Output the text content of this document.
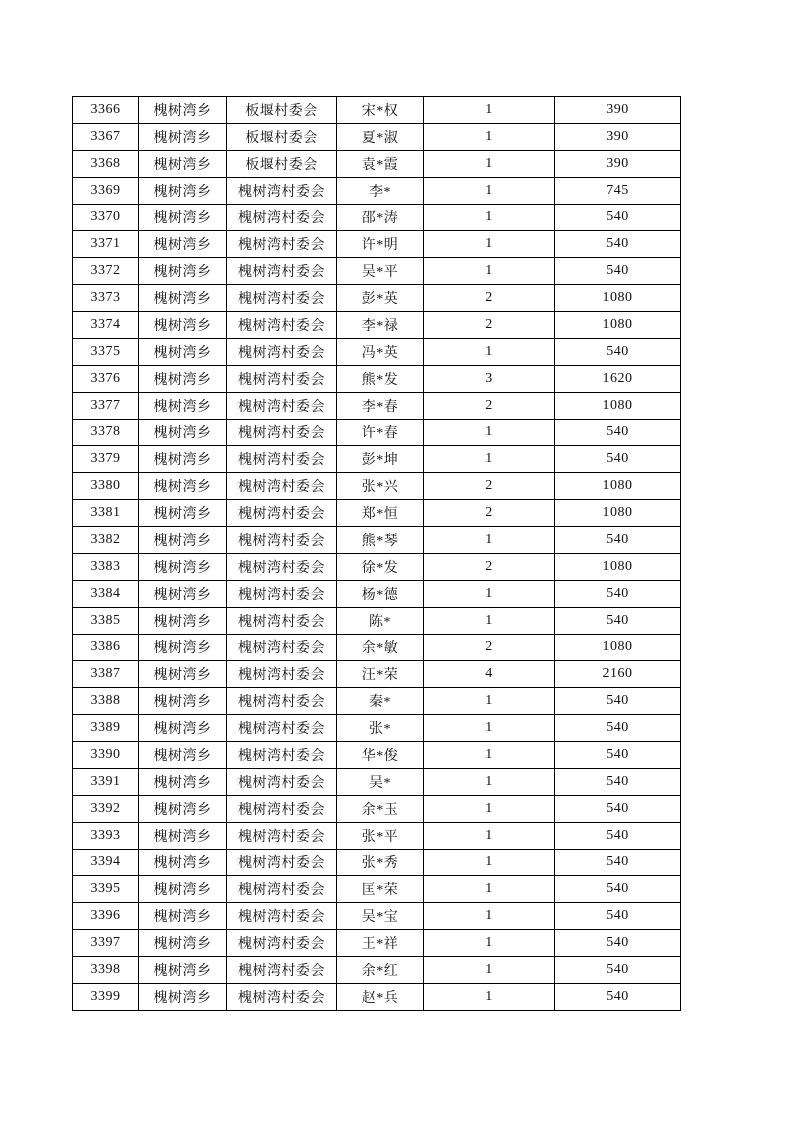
3366	槐树湾乡	板堰村委会	宋*权	1	390
3367	槐树湾乡	板堰村委会	夏*淑	1	390
3368	槐树湾乡	板堰村委会	袁*霞	1	390
3369	槐树湾乡	槐树湾村委会	李*	1	745
3370	槐树湾乡	槐树湾村委会	邵*涛	1	540
3371	槐树湾乡	槐树湾村委会	许*明	1	540
3372	槐树湾乡	槐树湾村委会	吴*平	1	540
3373	槐树湾乡	槐树湾村委会	彭*英	2	1080
3374	槐树湾乡	槐树湾村委会	李*禄	2	1080
3375	槐树湾乡	槐树湾村委会	冯*英	1	540
3376	槐树湾乡	槐树湾村委会	熊*发	3	1620
3377	槐树湾乡	槐树湾村委会	李*春	2	1080
3378	槐树湾乡	槐树湾村委会	许*春	1	540
3379	槐树湾乡	槐树湾村委会	彭*坤	1	540
3380	槐树湾乡	槐树湾村委会	张*兴	2	1080
3381	槐树湾乡	槐树湾村委会	郑*恒	2	1080
3382	槐树湾乡	槐树湾村委会	熊*琴	1	540
3383	槐树湾乡	槐树湾村委会	徐*发	2	1080
3384	槐树湾乡	槐树湾村委会	杨*德	1	540
3385	槐树湾乡	槐树湾村委会	陈*	1	540
3386	槐树湾乡	槐树湾村委会	余*敏	2	1080
3387	槐树湾乡	槐树湾村委会	汪*荣	4	2160
3388	槐树湾乡	槐树湾村委会	秦*	1	540
3389	槐树湾乡	槐树湾村委会	张*	1	540
3390	槐树湾乡	槐树湾村委会	华*俊	1	540
3391	槐树湾乡	槐树湾村委会	吴*	1	540
3392	槐树湾乡	槐树湾村委会	余*玉	1	540
3393	槐树湾乡	槐树湾村委会	张*平	1	540
3394	槐树湾乡	槐树湾村委会	张*秀	1	540
3395	槐树湾乡	槐树湾村委会	匡*荣	1	540
3396	槐树湾乡	槐树湾村委会	吴*宝	1	540
3397	槐树湾乡	槐树湾村委会	王*祥	1	540
3398	槐树湾乡	槐树湾村委会	余*红	1	540
3399	槐树湾乡	槐树湾村委会	赵*兵	1	540
